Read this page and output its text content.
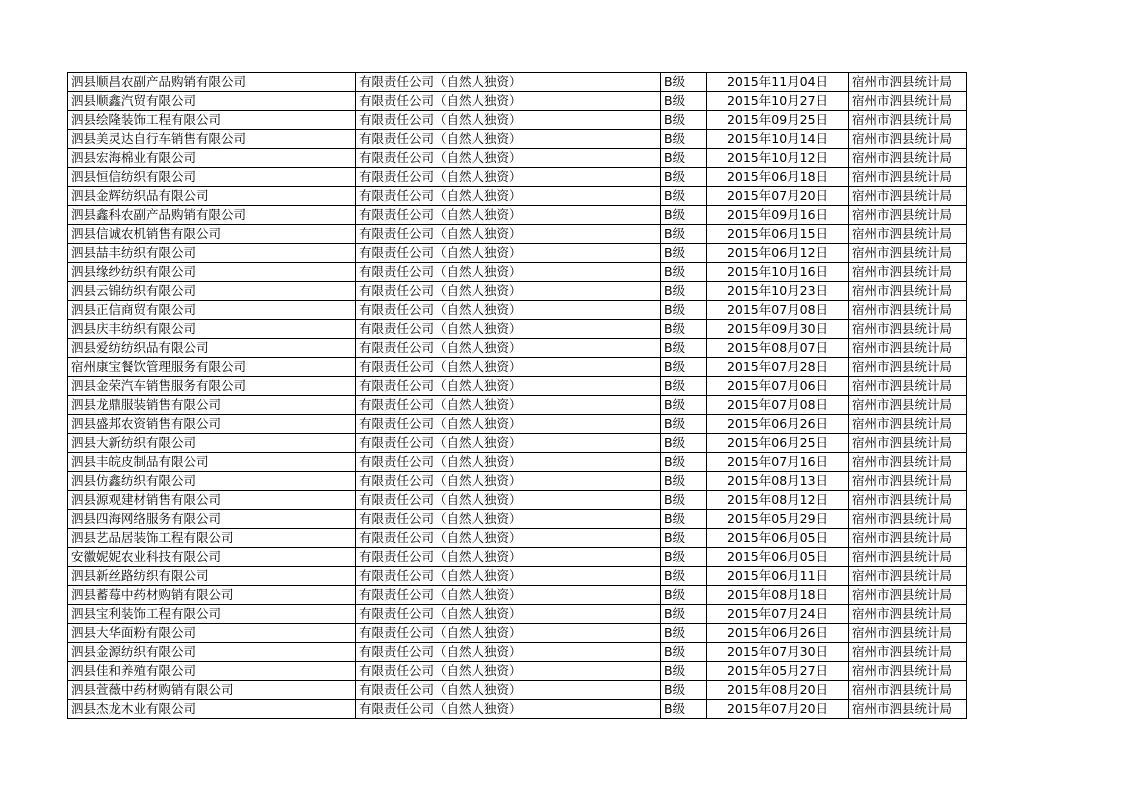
泗县顺昌农副产品购销有限公司	有限责任公司（自然人独资）	B级	2015年11月04日	宿州市泗县统计局
泗县顺鑫汽贸有限公司	有限责任公司（自然人独资）	B级	2015年10月27日	宿州市泗县统计局
泗县绘隆装饰工程有限公司	有限责任公司（自然人独资）	B级	2015年09月25日	宿州市泗县统计局
泗县美灵达自行车销售有限公司	有限责任公司（自然人独资）	B级	2015年10月14日	宿州市泗县统计局
泗县宏海棉业有限公司	有限责任公司（自然人独资）	B级	2015年10月12日	宿州市泗县统计局
泗县恒信纺织有限公司	有限责任公司（自然人独资）	B级	2015年06月18日	宿州市泗县统计局
泗县金辉纺织品有限公司	有限责任公司（自然人独资）	B级	2015年07月20日	宿州市泗县统计局
泗县鑫科农副产品购销有限公司	有限责任公司（自然人独资）	B级	2015年09月16日	宿州市泗县统计局
泗县信诚农机销售有限公司	有限责任公司（自然人独资）	B级	2015年06月15日	宿州市泗县统计局
泗县喆丰纺织有限公司	有限责任公司（自然人独资）	B级	2015年06月12日	宿州市泗县统计局
泗县缘纱纺织有限公司	有限责任公司（自然人独资）	B级	2015年10月16日	宿州市泗县统计局
泗县云锦纺织有限公司	有限责任公司（自然人独资）	B级	2015年10月23日	宿州市泗县统计局
泗县正信商贸有限公司	有限责任公司（自然人独资）	B级	2015年07月08日	宿州市泗县统计局
泗县庆丰纺织有限公司	有限责任公司（自然人独资）	B级	2015年09月30日	宿州市泗县统计局
泗县爱纺纺织品有限公司	有限责任公司（自然人独资）	B级	2015年08月07日	宿州市泗县统计局
宿州康宝餐饮管理服务有限公司	有限责任公司（自然人独资）	B级	2015年07月28日	宿州市泗县统计局
泗县金荣汽车销售服务有限公司	有限责任公司（自然人独资）	B级	2015年07月06日	宿州市泗县统计局
泗县龙鼎服装销售有限公司	有限责任公司（自然人独资）	B级	2015年07月08日	宿州市泗县统计局
泗县盛邦农资销售有限公司	有限责任公司（自然人独资）	B级	2015年06月26日	宿州市泗县统计局
泗县大新纺织有限公司	有限责任公司（自然人独资）	B级	2015年06月25日	宿州市泗县统计局
泗县丰皖皮制品有限公司	有限责任公司（自然人独资）	B级	2015年07月16日	宿州市泗县统计局
泗县仿鑫纺织有限公司	有限责任公司（自然人独资）	B级	2015年08月13日	宿州市泗县统计局
泗县源观建材销售有限公司	有限责任公司（自然人独资）	B级	2015年08月12日	宿州市泗县统计局
泗县四海网络服务有限公司	有限责任公司（自然人独资）	B级	2015年05月29日	宿州市泗县统计局
泗县艺品居装饰工程有限公司	有限责任公司（自然人独资）	B级	2015年06月05日	宿州市泗县统计局
安徽妮妮农业科技有限公司	有限责任公司（自然人独资）	B级	2015年06月05日	宿州市泗县统计局
泗县新丝路纺织有限公司	有限责任公司（自然人独资）	B级	2015年06月11日	宿州市泗县统计局
泗县蓄莓中药材购销有限公司	有限责任公司（自然人独资）	B级	2015年08月18日	宿州市泗县统计局
泗县宝利装饰工程有限公司	有限责任公司（自然人独资）	B级	2015年07月24日	宿州市泗县统计局
泗县大华面粉有限公司	有限责任公司（自然人独资）	B级	2015年06月26日	宿州市泗县统计局
泗县金源纺织有限公司	有限责任公司（自然人独资）	B级	2015年07月30日	宿州市泗县统计局
泗县佳和养殖有限公司	有限责任公司（自然人独资）	B级	2015年05月27日	宿州市泗县统计局
泗县萱薇中药材购销有限公司	有限责任公司（自然人独资）	B级	2015年08月20日	宿州市泗县统计局
泗县杰龙木业有限公司	有限责任公司（自然人独资）	B级	2015年07月20日	宿州市泗县统计局
